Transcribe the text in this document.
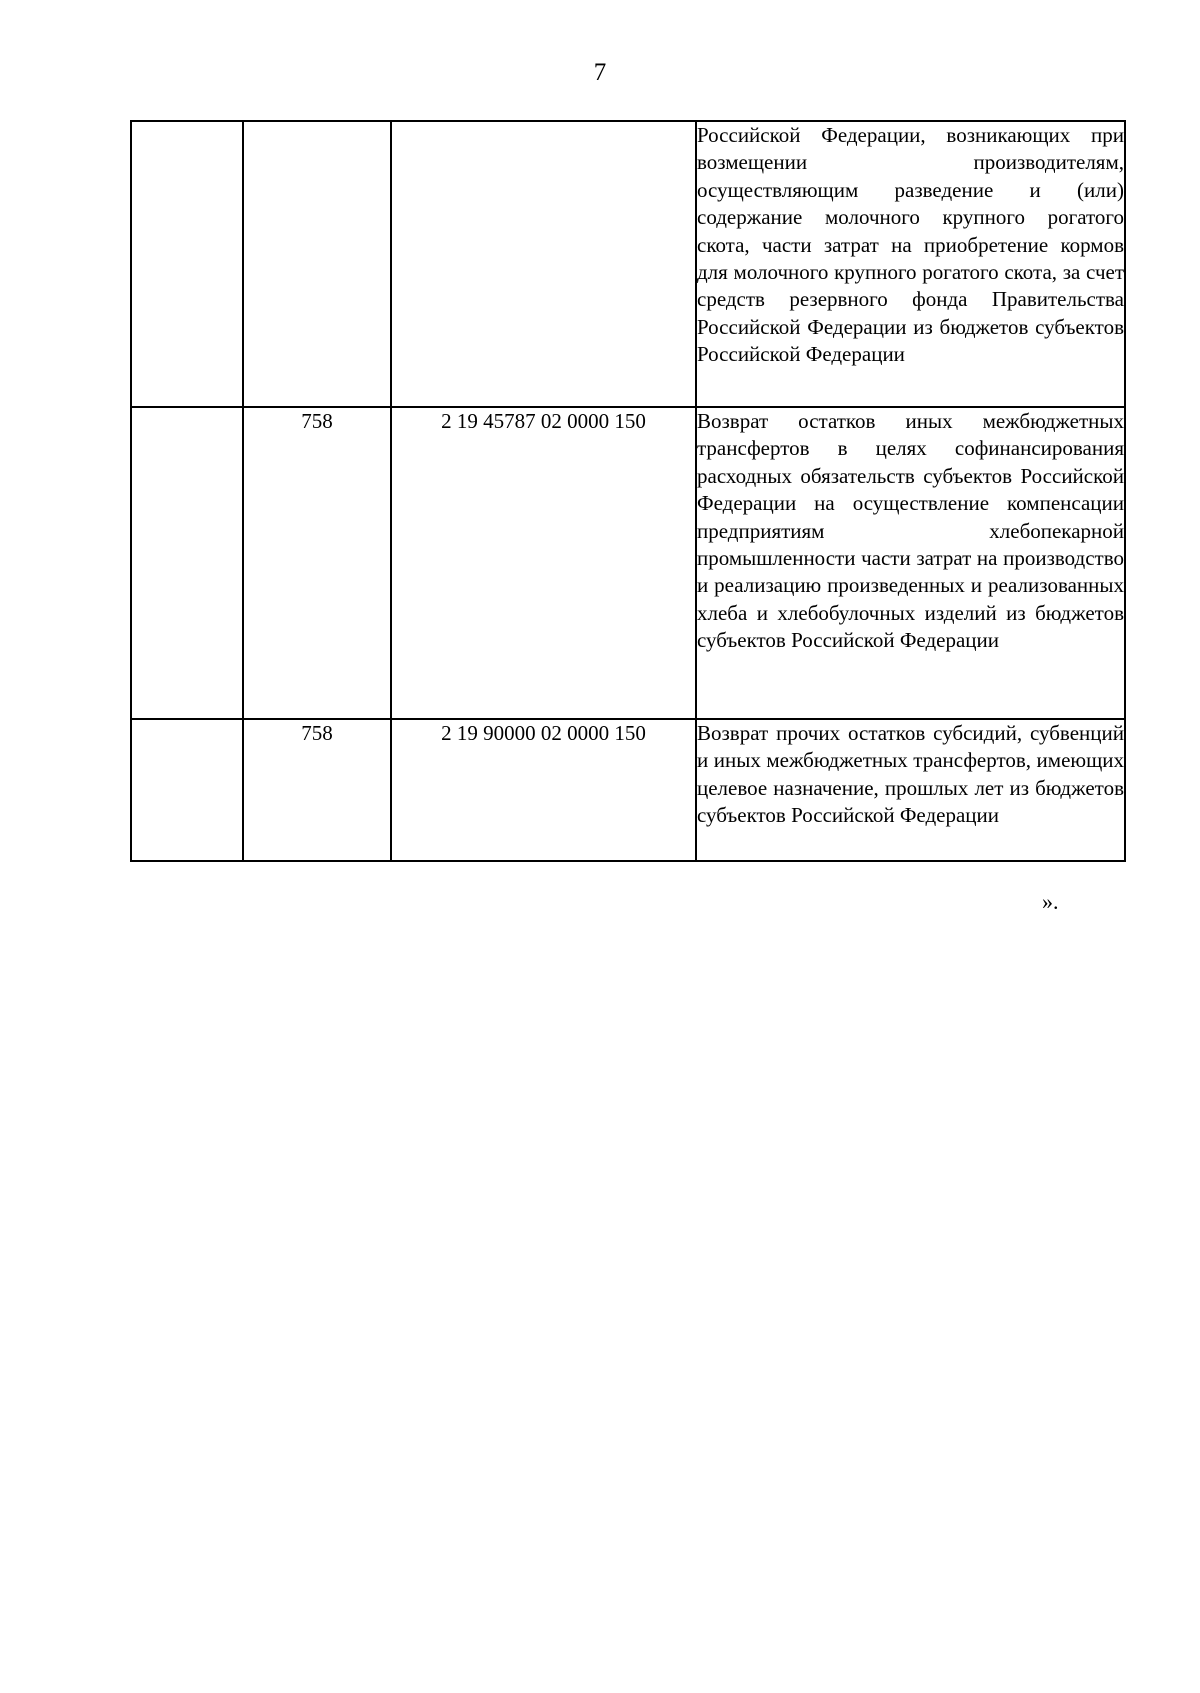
7
			Российской Федерации, возникающих при возмещении производителям, осуществляющим разведение и (или) содержание молочного крупного рогатого скота, части затрат на приобретение кормов для молочного крупного рогатого скота, за счет средств резервного фонда Правительства Российской Федерации из бюджетов субъектов Российской Федерации
	758	2 19 45787 02 0000 150	Возврат остатков иных межбюджетных трансфертов в целях софинансирования расходных обязательств субъектов Российской Федерации на осуществление компенсации предприятиям хлебопекарной промышленности части затрат на производство и реализацию произведенных и реализованных хлеба и хлебобулочных изделий из бюджетов субъектов Российской Федерации
	758	2 19 90000 02 0000 150	Возврат прочих остатков субсидий, субвенций и иных межбюджетных трансфертов, имеющих целевое назначение, прошлых лет из бюджетов субъектов Российской Федерации
».
